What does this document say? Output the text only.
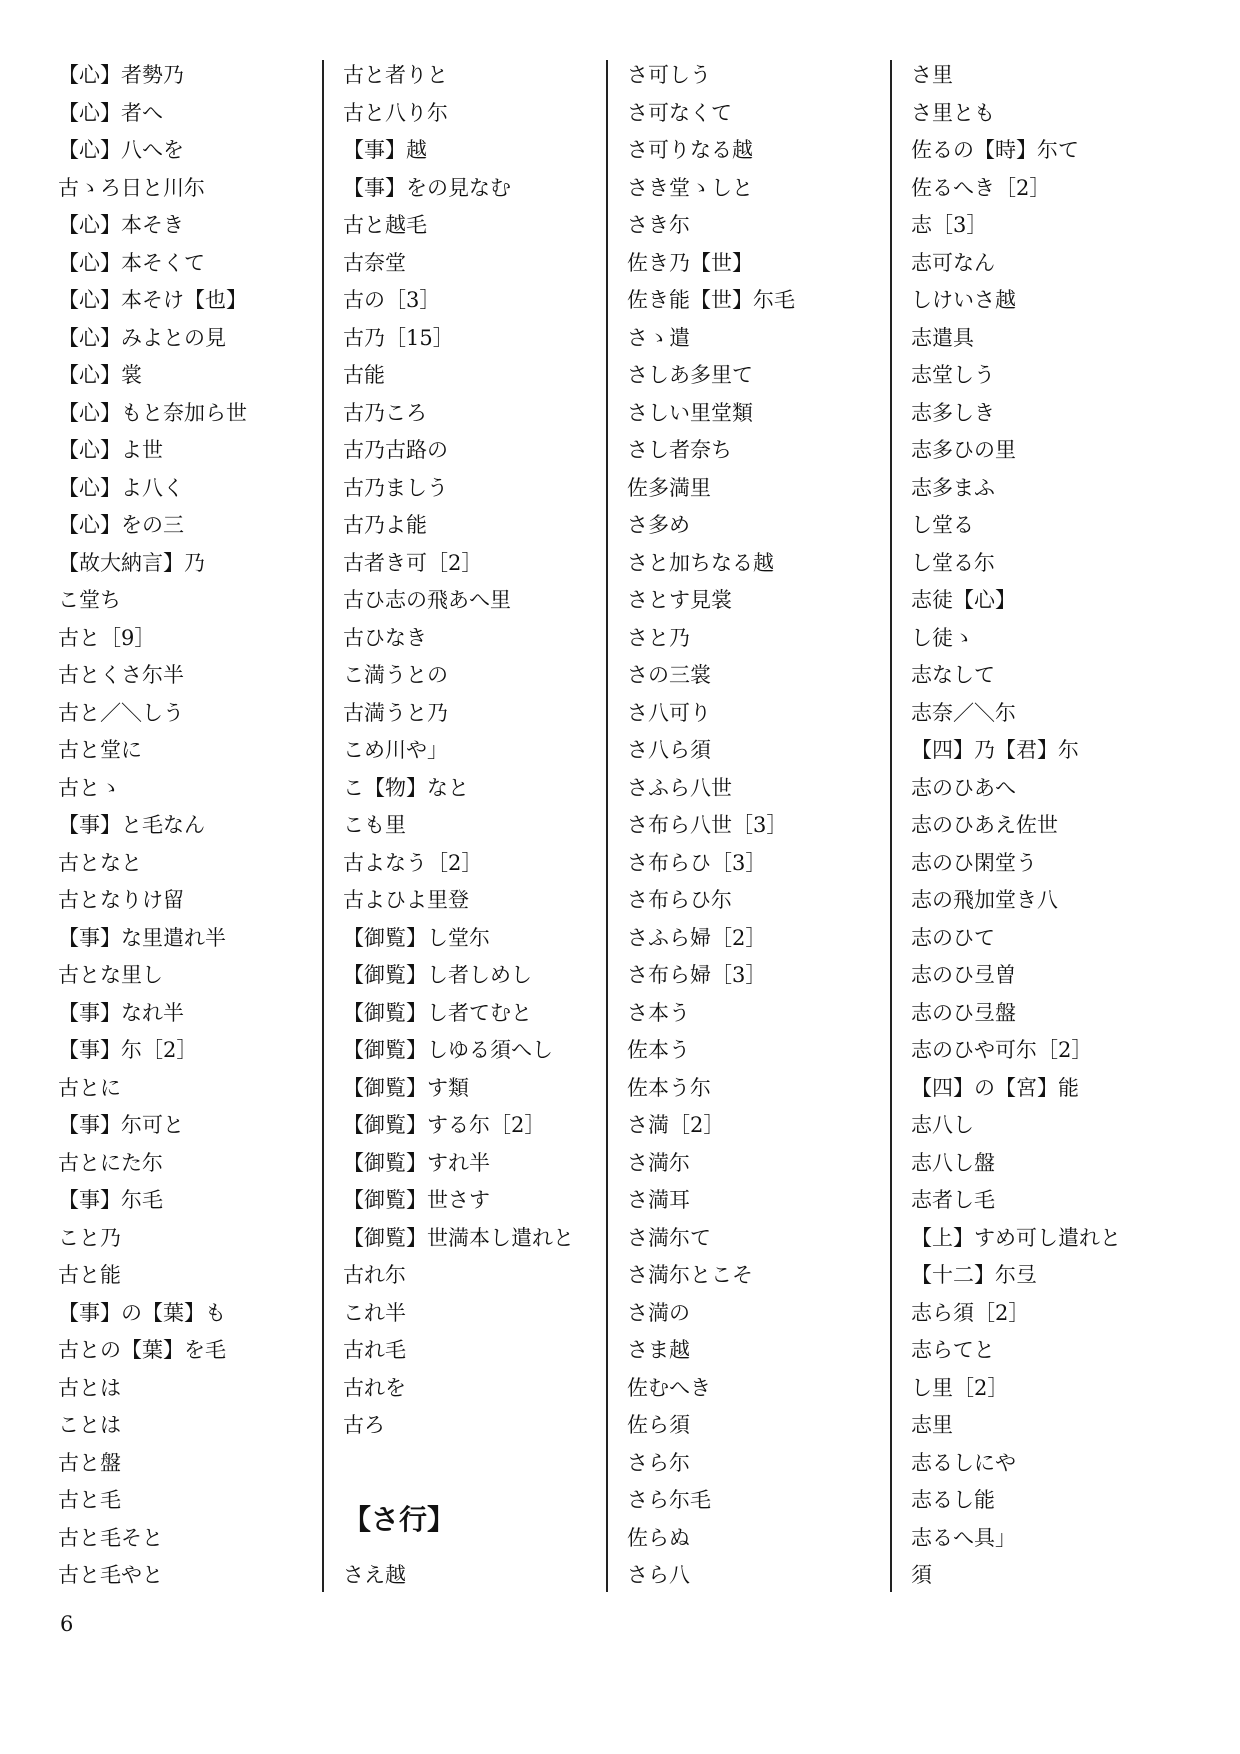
【心】者勢乃
【心】者へ
【心】八へを
古ゝろ日と川尓
【心】本そき
【心】本そくて
【心】本そけ【也】
【心】みよとの見
【心】裳
【心】もと奈加ら世
【心】よ世
【心】よ八く
【心】をの三
【故大納言】乃
こ堂ち
古と［9］
古とくさ尓半
古と／＼しう
古と堂に
古とゝ
【事】と毛なん
古となと
古となりけ留
【事】な里遣れ半
古とな里し
【事】なれ半
【事】尓［2］
古とに
【事】尓可と
古とにた尓
【事】尓毛
こと乃
古と能
【事】の【葉】も
古との【葉】を毛
古とは
ことは
古と盤
古と毛
古と毛そと
古と毛やと
古と者りと
古と八り尓
【事】越
【事】をの見なむ
古と越毛
古奈堂
古の［3］
古乃［15］
古能
古乃ころ
古乃古路の
古乃ましう
古乃よ能
古者き可［2］
古ひ志の飛あへ里
古ひなき
こ満うとの
古満うと乃
こめ川や」
こ【物】なと
こも里
古よなう［2］
古よひよ里登
【御覧】し堂尓
【御覧】し者しめし
【御覧】し者てむと
【御覧】しゆる須へし
【御覧】す類
【御覧】する尓［2］
【御覧】すれ半
【御覧】世さす
【御覧】世満本し遣れと
古れ尓
これ半
古れ毛
古れを
古ろ
【さ行】
さえ越
さ可しう
さ可なくて
さ可りなる越
さき堂ゝしと
さき尓
佐き乃【世】
佐き能【世】尓毛
さゝ遣
さしあ多里て
さしい里堂類
さし者奈ち
佐多満里
さ多め
さと加ちなる越
さとす見裳
さと乃
さの三裳
さ八可り
さ八ら須
さふら八世
さ布ら八世［3］
さ布らひ［3］
さ布らひ尓
さふら婦［2］
さ布ら婦［3］
さ本う
佐本う
佐本う尓
さ満［2］
さ満尓
さ満耳
さ満尓て
さ満尓とこそ
さ満の
さま越
佐むへき
佐ら須
さら尓
さら尓毛
佐らぬ
さら八
さ里
さ里とも
佐るの【時】尓て
佐るへき［2］
志［3］
志可なん
しけいさ越
志遣具
志堂しう
志多しき
志多ひの里
志多まふ
し堂る
し堂る尓
志徒【心】
し徒ゝ
志なして
志奈／＼尓
【四】乃【君】尓
志のひあへ
志のひあえ佐世
志のひ閑堂う
志の飛加堂き八
志のひて
志のひ弖曽
志のひ弖盤
志のひや可尓［2］
【四】の【宮】能
志八し
志八し盤
志者し毛
【上】すめ可し遣れと
【十二】尓弖
志ら須［2］
志らてと
し里［2］
志里
志るしにや
志るし能
志るへ具」
須
6
